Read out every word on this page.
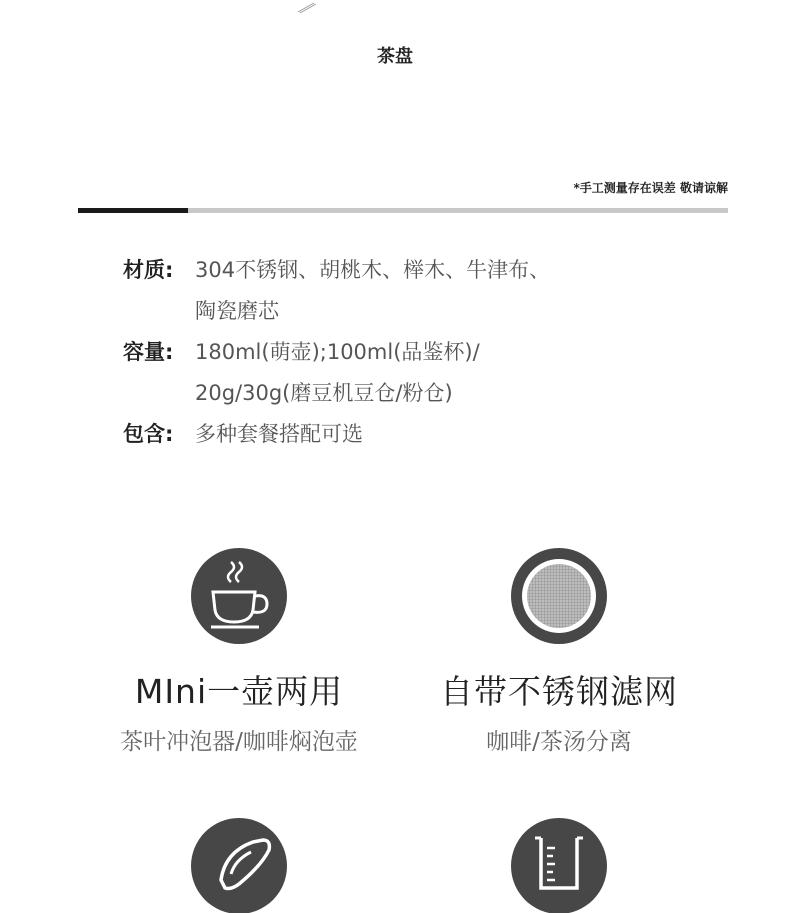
茶盘
*手工测量存在误差 敬请谅解
材质: 304不锈钢、胡桃木、榉木、牛津布、
陶瓷磨芯
容量: 180ml(萌壶);100ml(品鉴杯)/
20g/30g(磨豆机豆仓/粉仓)
包含: 多种套餐搭配可选
MIni一壶两用
茶叶冲泡器/咖啡焖泡壶
自带不锈钢滤网
咖啡/茶汤分离
